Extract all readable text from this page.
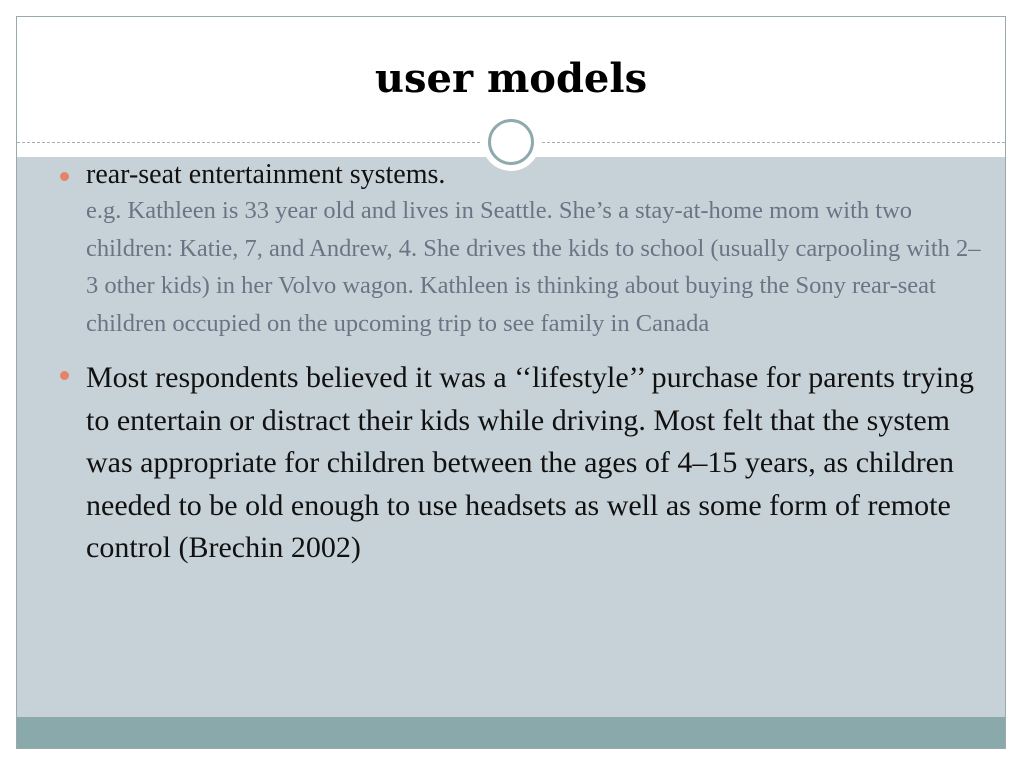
user models
rear-seat entertainment systems.
e.g. Kathleen is 33 year old and lives in Seattle. She’s a stay-at-home mom with two children: Katie, 7, and Andrew, 4. She drives the kids to school (usually carpooling with 2–3 other kids) in her Volvo wagon. Kathleen is thinking about buying the Sony rear-seat children occupied on the upcoming trip to see family in Canada
Most respondents believed it was a ‘‘lifestyle’’ purchase for parents trying to entertain or distract their kids while driving. Most felt that the system was appropriate for children between the ages of 4–15 years, as children needed to be old enough to use headsets as well as some form of remote control (Brechin 2002)
